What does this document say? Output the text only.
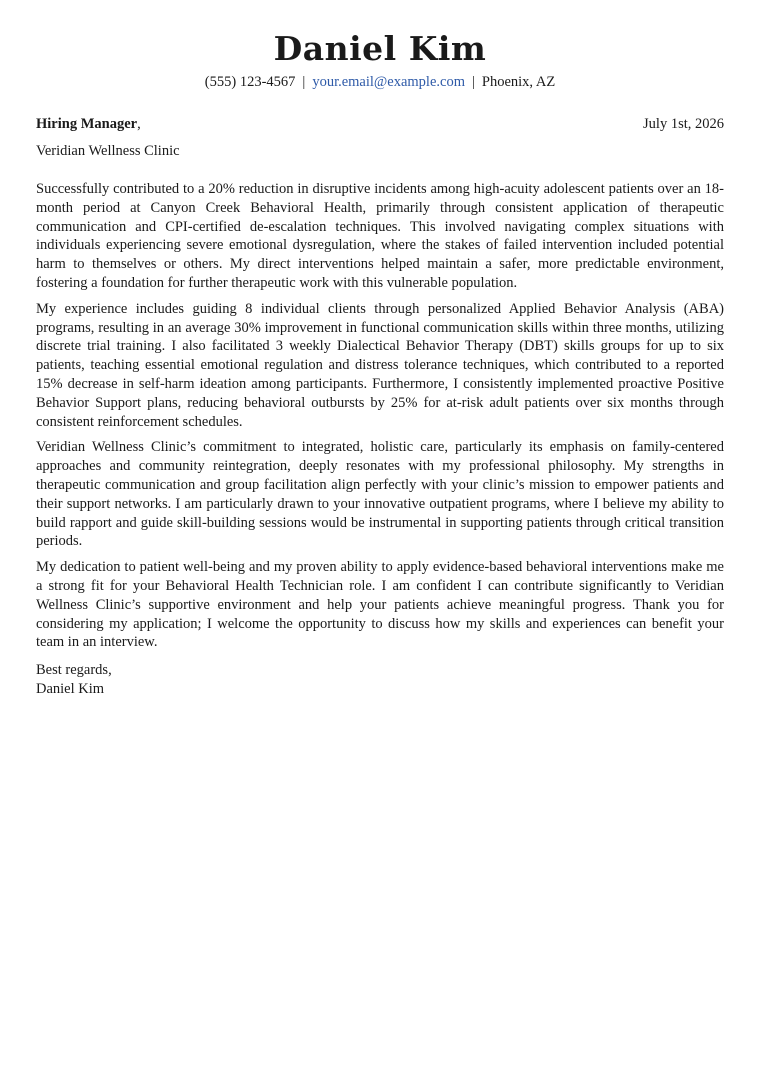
Daniel Kim
(555) 123-4567 | your.email@example.com | Phoenix, AZ
Hiring Manager,	July 1st, 2026
Veridian Wellness Clinic

Successfully contributed to a 20% reduction in disruptive incidents among high-acuity adolescent patients over an 18-month period at Canyon Creek Behavioral Health, primarily through consistent application of therapeutic communication and CPI-certified de-escalation techniques. This involved navigating complex situations with individuals experiencing severe emotional dysregulation, where the stakes of failed intervention included potential harm to themselves or others. My direct interventions helped maintain a safer, more predictable environment, fostering a foundation for further therapeutic work with this vulnerable population.

My experience includes guiding 8 individual clients through personalized Applied Behavior Analysis (ABA) programs, resulting in an average 30% improvement in functional communication skills within three months, utilizing discrete trial training. I also facilitated 3 weekly Dialectical Behavior Therapy (DBT) skills groups for up to six patients, teaching essential emotional regulation and distress tolerance techniques, which contributed to a reported 15% decrease in self-harm ideation among participants. Furthermore, I consistently implemented proactive Positive Behavior Support plans, reducing behavioral outbursts by 25% for at-risk adult patients over six months through consistent reinforcement schedules.

Veridian Wellness Clinic’s commitment to integrated, holistic care, particularly its emphasis on family-centered approaches and community reintegration, deeply resonates with my professional philosophy. My strengths in therapeutic communication and group facilitation align perfectly with your clinic’s mission to empower patients and their support networks. I am particularly drawn to your innovative outpatient programs, where I believe my ability to build rapport and guide skill-building sessions would be instrumental in supporting patients through critical transition periods.

My dedication to patient well-being and my proven ability to apply evidence-based behavioral interventions make me a strong fit for your Behavioral Health Technician role. I am confident I can contribute significantly to Veridian Wellness Clinic’s supportive environment and help your patients achieve meaningful progress. Thank you for considering my application; I welcome the opportunity to discuss how my skills and experiences can benefit your team in an interview.

Best regards,
Daniel Kim
